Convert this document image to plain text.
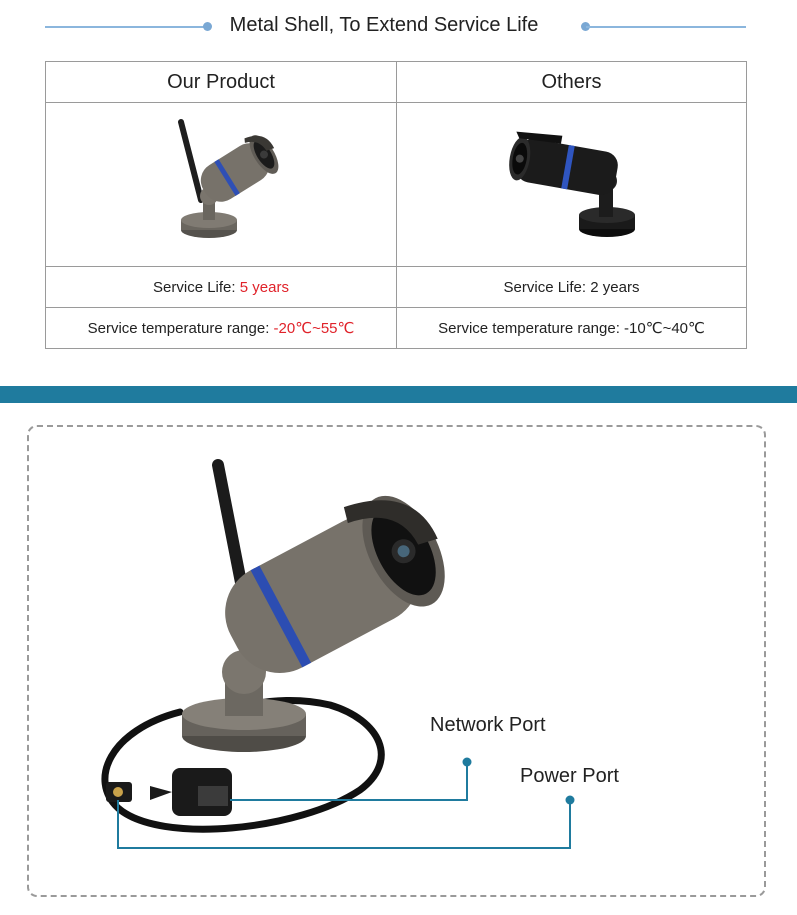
Metal Shell, To Extend Service Life
Our Product	Others

Service Life: 5 years	Service Life: 2 years
Service temperature range: -20℃~55℃	Service temperature range: -10℃~40℃
Network Port
Power Port
